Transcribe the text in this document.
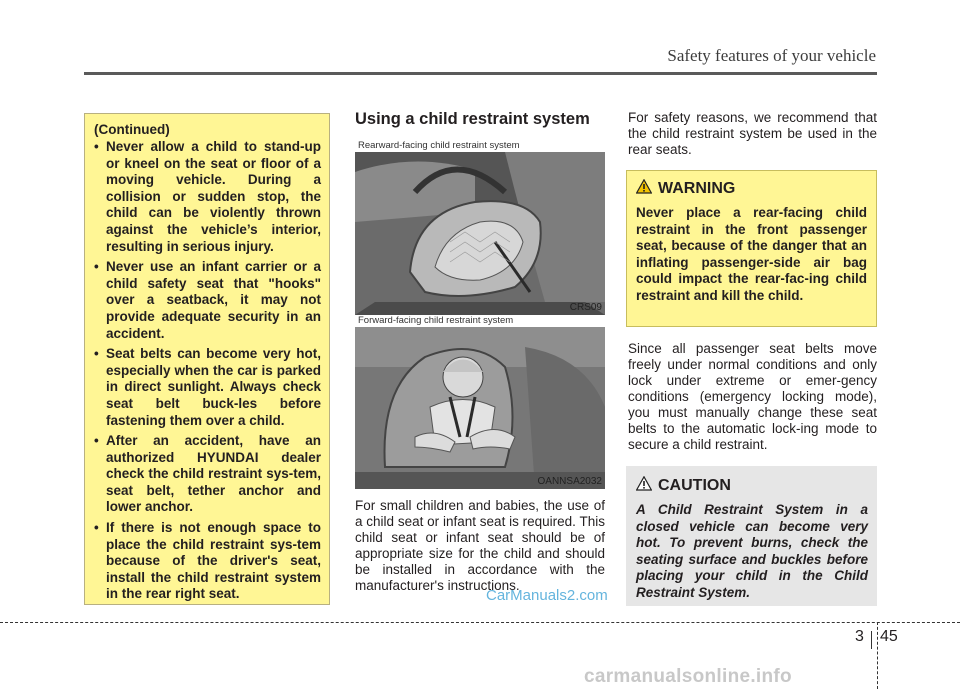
Safety features of your vehicle
(Continued)
• Never allow a child to stand-up or kneel on the seat or floor of a moving vehicle. During a collision or sudden stop, the child can be violently thrown against the vehicle’s interior, resulting in serious injury.
• Never use an infant carrier or a child safety seat that "hooks" over a seatback, it may not provide adequate security in an accident.
• Seat belts can become very hot, especially when the car is parked in direct sunlight. Always check seat belt buck-les before fastening them over a child.
• After an accident, have an authorized HYUNDAI dealer check the child restraint sys-tem, seat belt, tether anchor and lower anchor.
• If there is not enough space to place the child restraint sys-tem because of the driver's seat, install the child restraint system in the rear right seat.
Using a child restraint system
Rearward-facing child restraint system
CRS09
Forward-facing child restraint system
OANNSA2032
For small children and babies, the use of a child seat or infant seat is required. This child seat or infant seat should be of appropriate size for the child and should be installed in accordance with the manufacturer's instructions.
For safety reasons, we recommend that the child restraint system be used in the rear seats.
WARNING
Never place a rear-facing child restraint in the front passenger seat, because of the danger that an inflating passenger-side air bag could impact the rear-fac-ing child restraint and kill the child.
Since all passenger seat belts move freely under normal conditions and only lock under extreme or emer-gency conditions (emergency locking mode), you must manually change these seat belts to the automatic lock-ing mode to secure a child restraint.
CAUTION
A Child Restraint System in a closed vehicle can become very hot. To prevent burns, check the seating surface and buckles before placing your child in the Child Restraint System.
CarManuals2.com
3 45
carmanualsonline.info
